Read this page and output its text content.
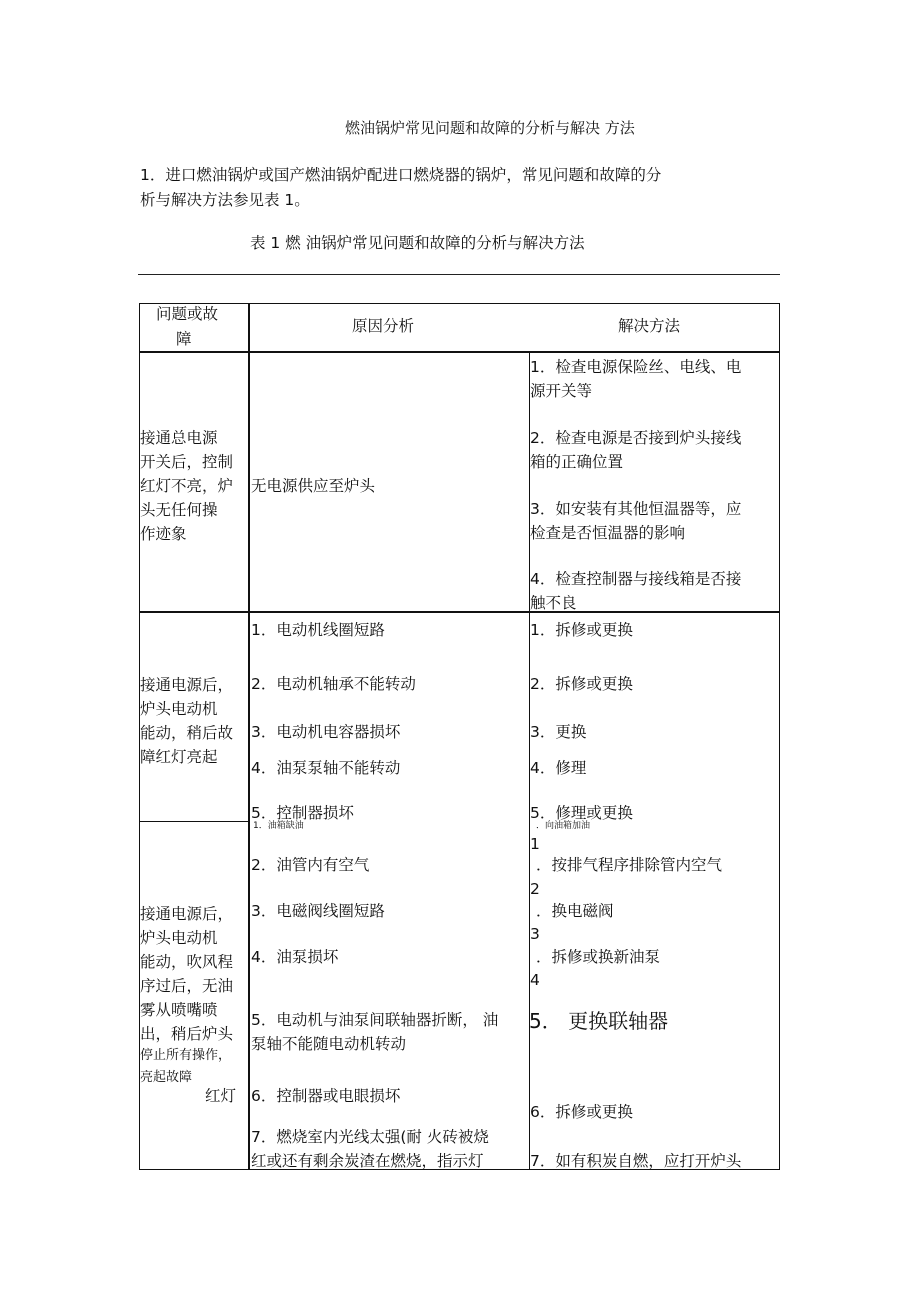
燃油锅炉常见问题和故障的分析与解决 方法
1．进口燃油锅炉或国产燃油锅炉配进口燃烧器的锅炉，常见问题和故障的分
析与解决方法参见表 1。
表 1 燃 油锅炉常见问题和故障的分析与解决方法
问题或故
障
原因分析	解决方法
接通总电源
开关后，控制
红灯不亮，炉
头无任何操
作迹象
无电源供应至炉头
1．检查电源保险丝、电线、电
源开关等
2．检查电源是否接到炉头接线
箱的正确位置
3．如安装有其他恒温器等，应
检查是否恒温器的影响
4．检查控制器与接线箱是否接
触不良
接通电源后，
炉头电动机
能动，稍后故
障红灯亮起
1．电动机线圈短路
2．电动机轴承不能转动
3．电动机电容器损坏
4．油泵泵轴不能转动
5．控制器损坏
1．拆修或更换
2．拆修或更换
3．更换
4．修理
5．修理或更换
接通电源后，
炉头电动机
能动，吹风程
序过后，无油
雾从喷嘴喷
出，稍后炉头
停止所有操作，
亮起故障
红灯
1．油箱缺油
2．油管内有空气
3．电磁阀线圈短路
4．油泵损坏
5．电动机与油泵间联轴器折断， 油
泵轴不能随电动机转动
6．控制器或电眼损坏
7．燃烧室内光线太强(耐 火砖被烧
红或还有剩余炭渣在燃烧，指示灯
．向油箱加油
1
．按排气程序排除管内空气
2
．换电磁阀
3
．拆修或换新油泵
4
5． 更换联轴器
6．拆修或更换
7．如有积炭自燃，应打开炉头
